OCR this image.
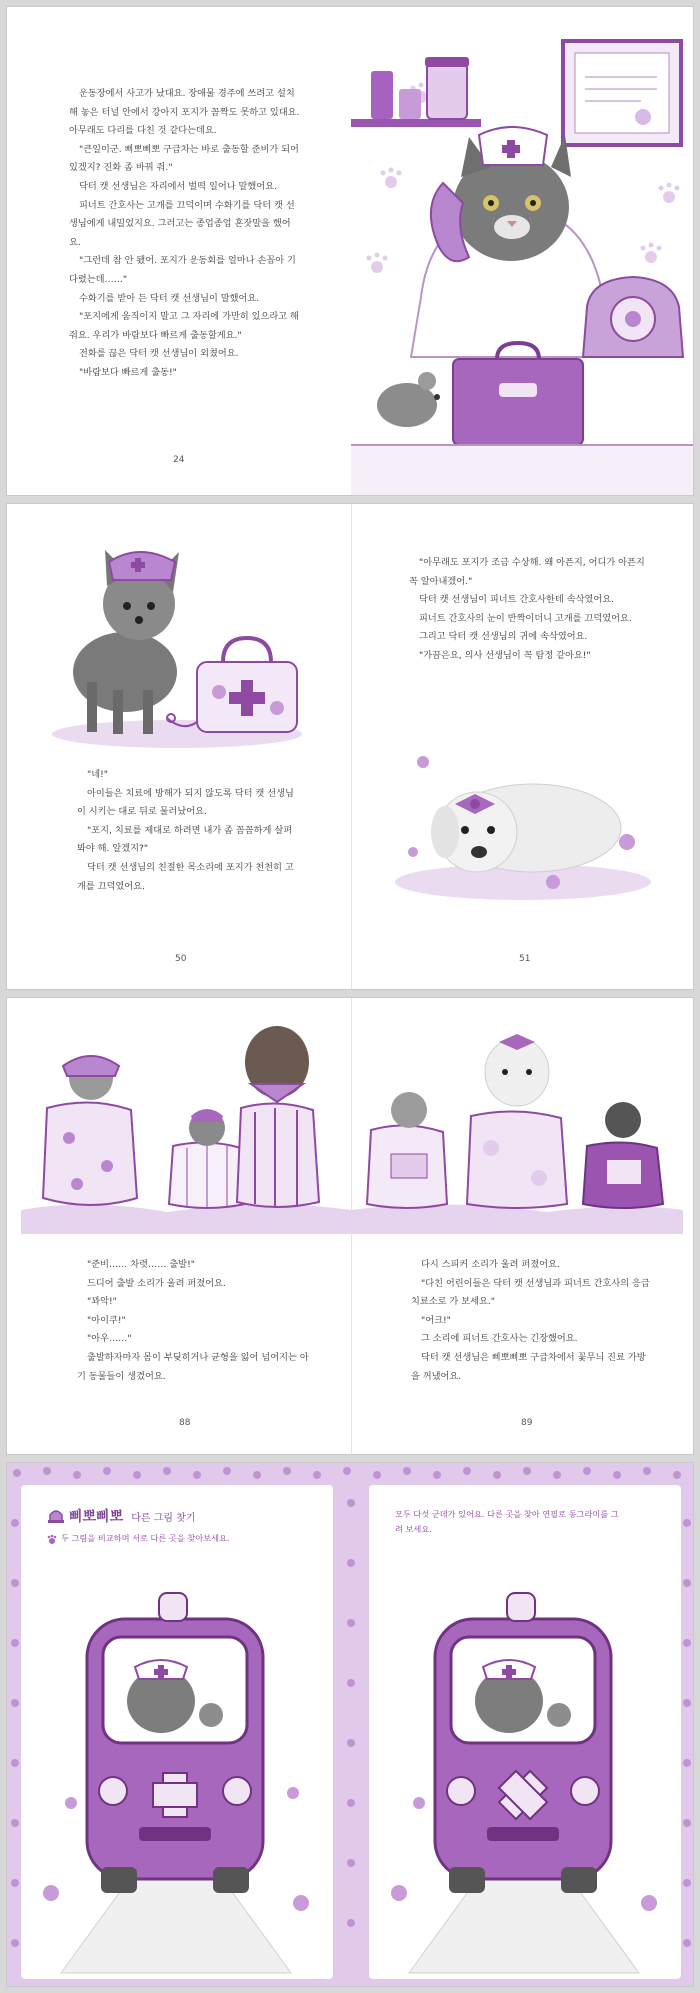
운동장에서 사고가 났대요. 장애물 경주에 쓰려고 설치해 놓은 터널 안에서 강아지 포지가 꼼짝도 못하고 있대요. 아무래도 다리를 다친 것 같다는데요.

"큰일이군. 삐뽀삐뽀 구급차는 바로 출동할 준비가 되어 있겠지? 진화 좀 바꿔 줘."

닥터 캣 선생님은 자리에서 벌떡 일어나 말했어요.

피너트 간호사는 고개를 끄덕이며 수화기를 닥터 캣 선생님에게 내밀었지요. 그러고는 종업종업 혼잣말을 했어요.

"그런데 참 안 됐어. 포지가 운동회를 얼마나 손꼽아 기다렸는데……"

수화기를 받아 든 닥터 캣 선생님이 말했어요.

"포지에게 움직이지 말고 그 자리에 가만히 있으라고 해 줘요. 우리가 바람보다 빠르게 출동할게요."

전화를 끊은 닥터 캣 선생님이 외쳤어요.

"바람보다 빠르게 출동!"

24

"네!"

아이들은 치료에 방해가 되지 않도록 닥터 캣 선생님이 시키는 대로 뒤로 물러났어요.

"포지, 치료를 제대로 하려면 내가 좀 꼼꼼하게 살펴봐야 해. 알겠지?"

닥터 캣 선생님의 친절한 목소리에 포지가 천천히 고개를 끄덕였어요.

50

"아무래도 포지가 조금 수상해. 왜 아픈지, 어디가 아픈지 꼭 알아내겠어."

닥터 캣 선생님이 피너트 간호사한테 속삭였어요.

피너트 간호사의 눈이 반짝이더니 고개를 끄덕였어요.

그리고 닥터 캣 선생님의 귀에 속삭였어요.

"가끔은요, 의사 선생님이 꼭 탐정 같아요!"

51

"준비…… 차렷…… 출발!"

드디어 출발 소리가 울려 퍼졌어요.

"꽈악!"

"아이쿠!"

"아우……"

출발하자마자 몸이 부딪히거나 균형을 잃어 넘어지는 아기 동물들이 생겼어요.

88

다시 스피커 소리가 울려 퍼졌어요.

"다친 어린이들은 닥터 캣 선생님과 피너트 간호사의 응급 치료소로 가 보세요."

"어크!"

그 소리에 피너트 간호사는 긴장했어요.

닥터 캣 선생님은 삐뽀삐뽀 구급차에서 꽃무늬 진료 가방을 꺼냈어요.

89
삐뽀삐뽀 다른 그림 찾기
두 그림을 비교하며 서로 다른 곳을 찾아보세요.
모두 다섯 군데가 있어요. 다른 곳을 찾아 연필로 동그라미를 그려 보세요.
